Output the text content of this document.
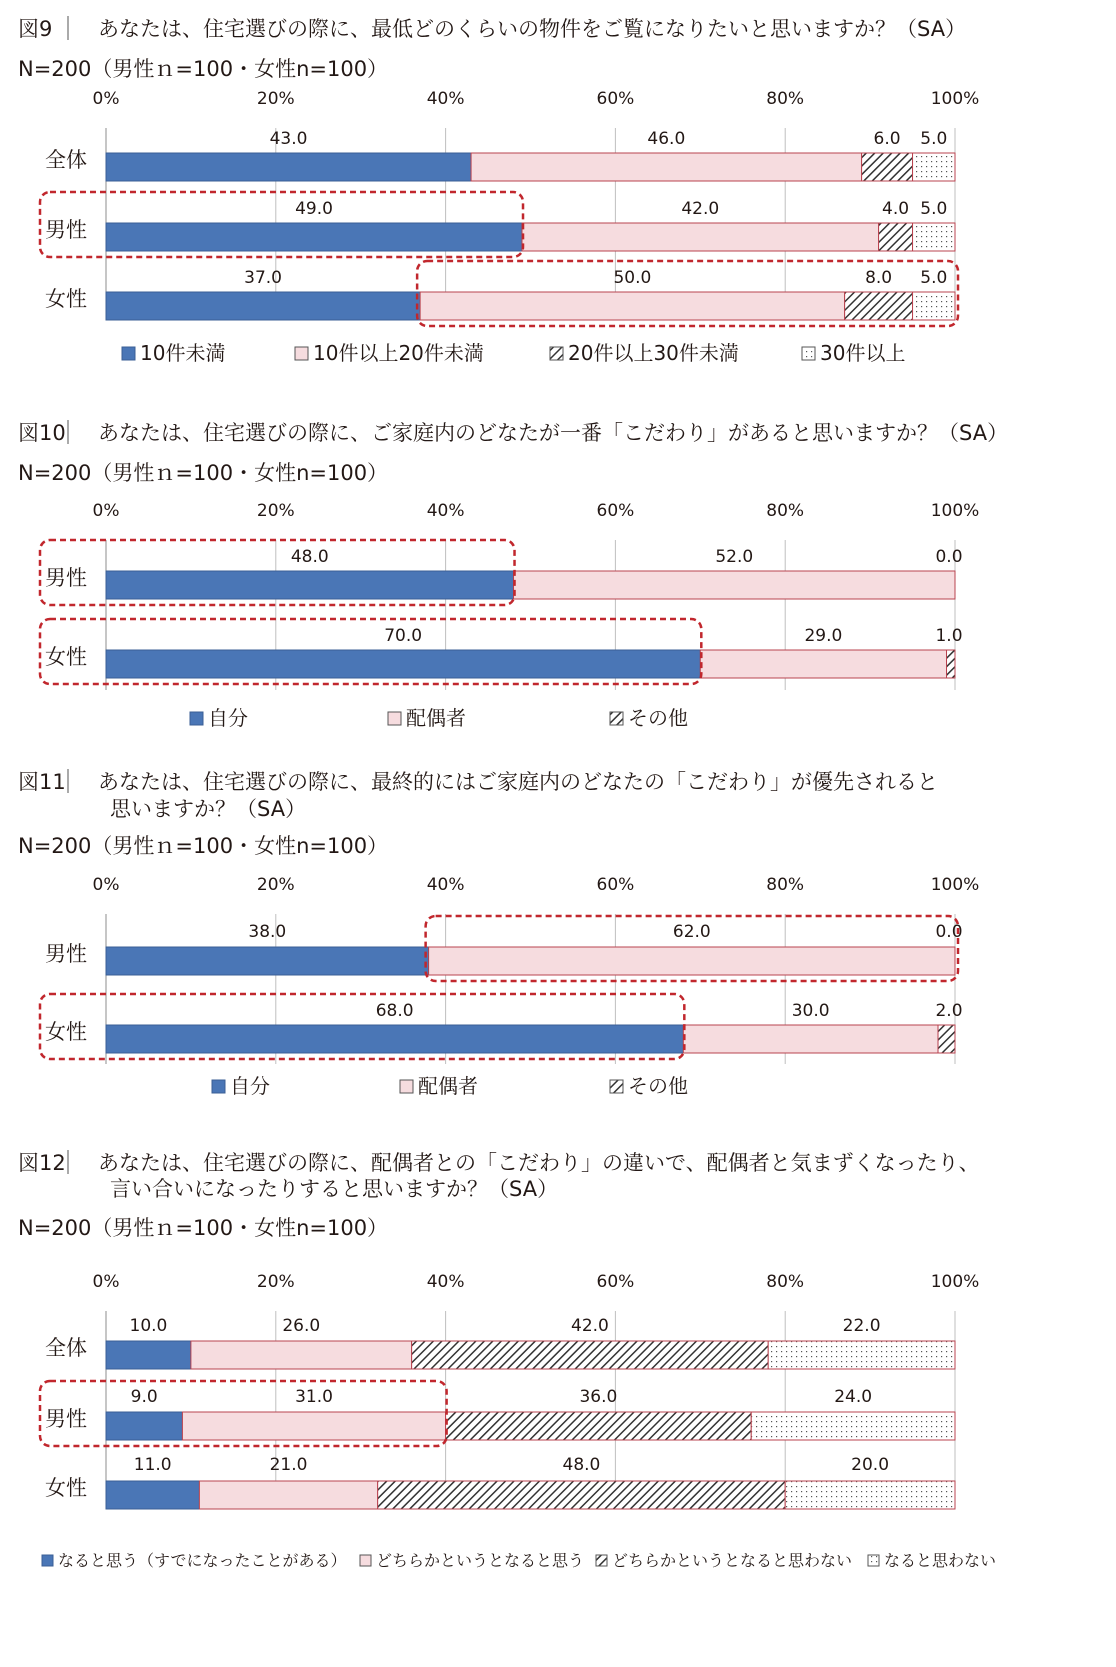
図9 あなたは、住宅選びの際に、最低どのくらいの物件をご覧になりたいと思いますか？（SA）
N=200（男性ｎ=100・女性n=100）
0%	20%	40%	60%	80%	100%
全体
43.0	46.0	6.0 5.0
男性
49.0	42.0	4.0 5.0
女性
37.0	50.0	8.0 5.0
10件未満	10件以上20件未満	20件以上30件未満	30件以上
図10 あなたは、住宅選びの際に、ご家庭内のどなたが一番「こだわり」があると思いますか？（SA）
N=200（男性ｎ=100・女性n=100）
0%	20%	40%	60%	80%	100%
男性
48.0	52.0	0.0
女性
70.0	29.0	1.0
自分	配偶者	その他
図11 あなたは、住宅選びの際に、最終的にはご家庭内のどなたの「こだわり」が優先されると
思いますか？（SA）
N=200（男性ｎ=100・女性n=100）
0%	20%	40%	60%	80%	100%
男性
38.0	62.0	0.0
女性
68.0	30.0	2.0
自分	配偶者	その他
図12 あなたは、住宅選びの際に、配偶者との「こだわり」の違いで、配偶者と気まずくなったり、
言い合いになったりすると思いますか？（SA）
N=200（男性ｎ=100・女性n=100）
0%	20%	40%	60%	80%	100%
全体
10.0	26.0	42.0	22.0
男性
9.0	31.0	36.0	24.0
女性
11.0	21.0	48.0	20.0
なると思う（すでになったことがある） どちらかというとなると思う どちらかというとなると思わない なると思わない
